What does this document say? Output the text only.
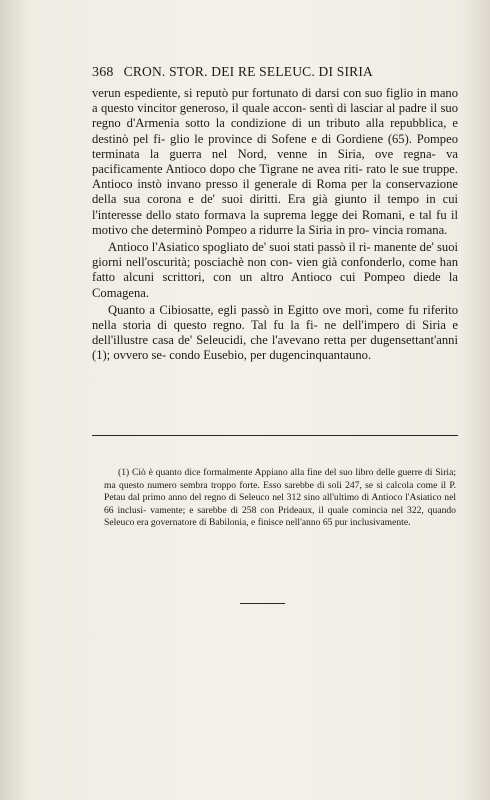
368 CRON. STOR. DEI RE SELEUC. DI SIRIA

verun espediente, si reputò pur fortunato di darsi con suo figlio in mano a questo vincitor generoso, il quale accon- sentì di lasciar al padre il suo regno d'Armenia sotto la condizione di un tributo alla repubblica, e destinò pel fi- glio le province di Sofene e di Gordiene (65). Pompeo terminata la guerra nel Nord, venne in Siria, ove regna- va pacificamente Antioco dopo che Tigrane ne avea riti- rato le sue truppe. Antioco instò invano presso il generale di Roma per la conservazione della sua corona e de' suoi diritti. Era già giunto il tempo in cui l'interesse dello stato formava la suprema legge dei Romani, e tal fu il motivo che determinò Pompeo a ridurre la Siria in pro- vincia romana.

Antioco l'Asiatico spogliato de' suoi stati passò il ri- manente de' suoi giorni nell'oscurità; posciachè non con- vien già confonderlo, come han fatto alcuni scrittori, con un altro Antioco cui Pompeo diede la Comagena.

Quanto a Cibiosatte, egli passò in Egitto ove morì, come fu riferito nella storia di questo regno. Tal fu la fi- ne dell'impero di Siria e dell'illustre casa de' Seleucidi, che l'avevano retta per dugensettant'anni (1); ovvero se- condo Eusebio, per dugencinquantauno.

(1) Ciò è quanto dice formalmente Appiano alla fine del suo libro delle guerre di Siria; ma questo numero sembra troppo forte. Esso sarebbe di soli 247, se si calcola come il P. Petau dal primo anno del regno di Seleuco nel 312 sino all'ultimo di Antioco l'Asiatico nel 66 inclusi- vamente; e sarebbe di 258 con Prideaux, il quale comincia nel 322, quando Seleuco era governatore di Babilonia, e finisce nell'anno 65 pur inclusivamente.
